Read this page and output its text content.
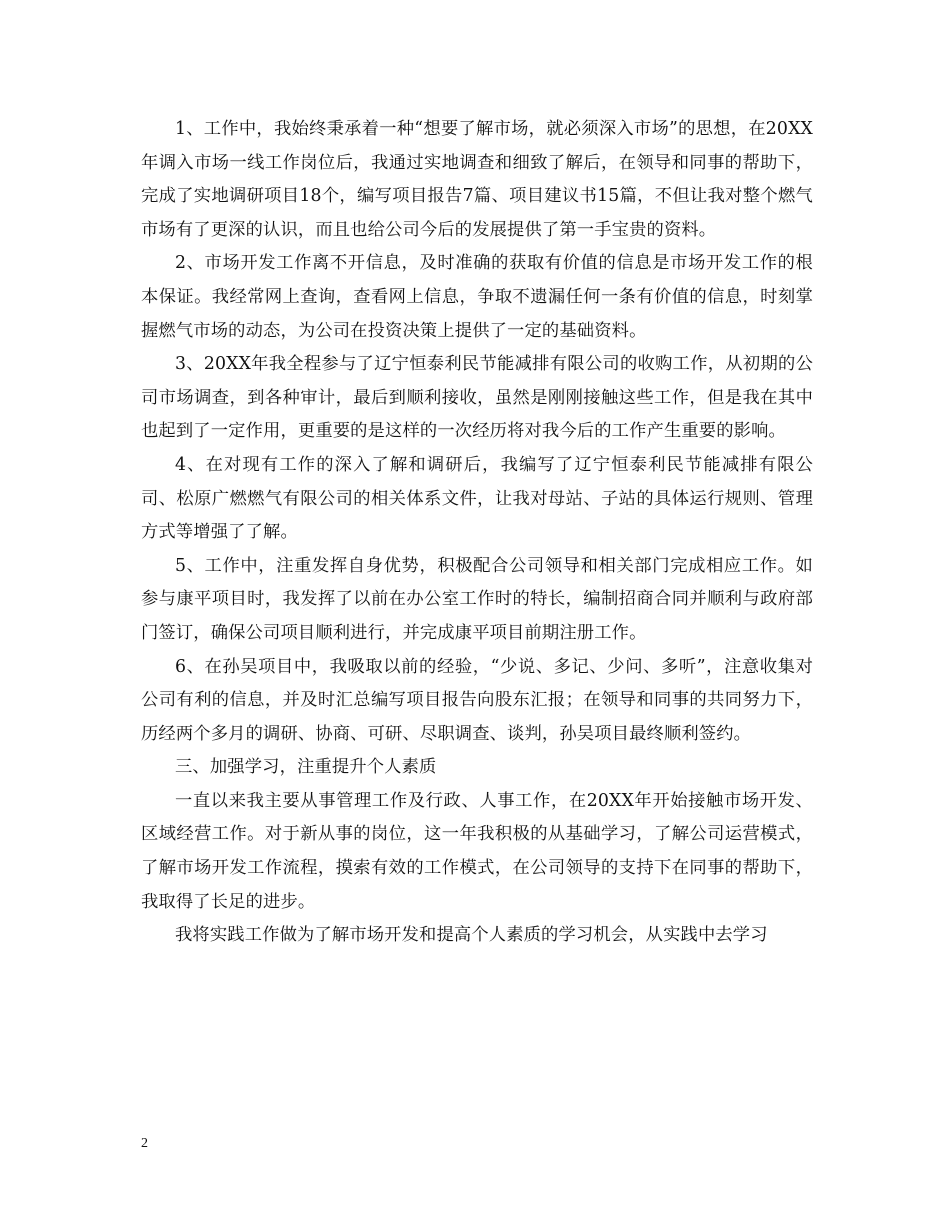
1、工作中，我始终秉承着一种“想要了解市场，就必须深入市场”的思想，在20XX年调入市场一线工作岗位后，我通过实地调查和细致了解后，在领导和同事的帮助下，完成了实地调研项目18个，编写项目报告7篇、项目建议书15篇，不但让我对整个燃气市场有了更深的认识，而且也给公司今后的发展提供了第一手宝贵的资料。

2、市场开发工作离不开信息，及时准确的获取有价值的信息是市场开发工作的根本保证。我经常网上查询，查看网上信息，争取不遗漏任何一条有价值的信息，时刻掌握燃气市场的动态，为公司在投资决策上提供了一定的基础资料。

3、20XX年我全程参与了辽宁恒泰利民节能减排有限公司的收购工作，从初期的公司市场调查，到各种审计，最后到顺利接收，虽然是刚刚接触这些工作，但是我在其中也起到了一定作用，更重要的是这样的一次经历将对我今后的工作产生重要的影响。

4、在对现有工作的深入了解和调研后，我编写了辽宁恒泰利民节能减排有限公司、松原广燃燃气有限公司的相关体系文件，让我对母站、子站的具体运行规则、管理方式等增强了了解。

5、工作中，注重发挥自身优势，积极配合公司领导和相关部门完成相应工作。如参与康平项目时，我发挥了以前在办公室工作时的特长，编制招商合同并顺利与政府部门签订，确保公司项目顺利进行，并完成康平项目前期注册工作。

6、在孙吴项目中，我吸取以前的经验，“少说、多记、少问、多听”，注意收集对公司有利的信息，并及时汇总编写项目报告向股东汇报；在领导和同事的共同努力下，历经两个多月的调研、协商、可研、尽职调查、谈判，孙吴项目最终顺利签约。

三、加强学习，注重提升个人素质

一直以来我主要从事管理工作及行政、人事工作，在20XX年开始接触市场开发、区域经营工作。对于新从事的岗位，这一年我积极的从基础学习，了解公司运营模式，了解市场开发工作流程，摸索有效的工作模式，在公司领导的支持下在同事的帮助下，我取得了长足的进步。

我将实践工作做为了解市场开发和提高个人素质的学习机会，从实践中去学习

2
